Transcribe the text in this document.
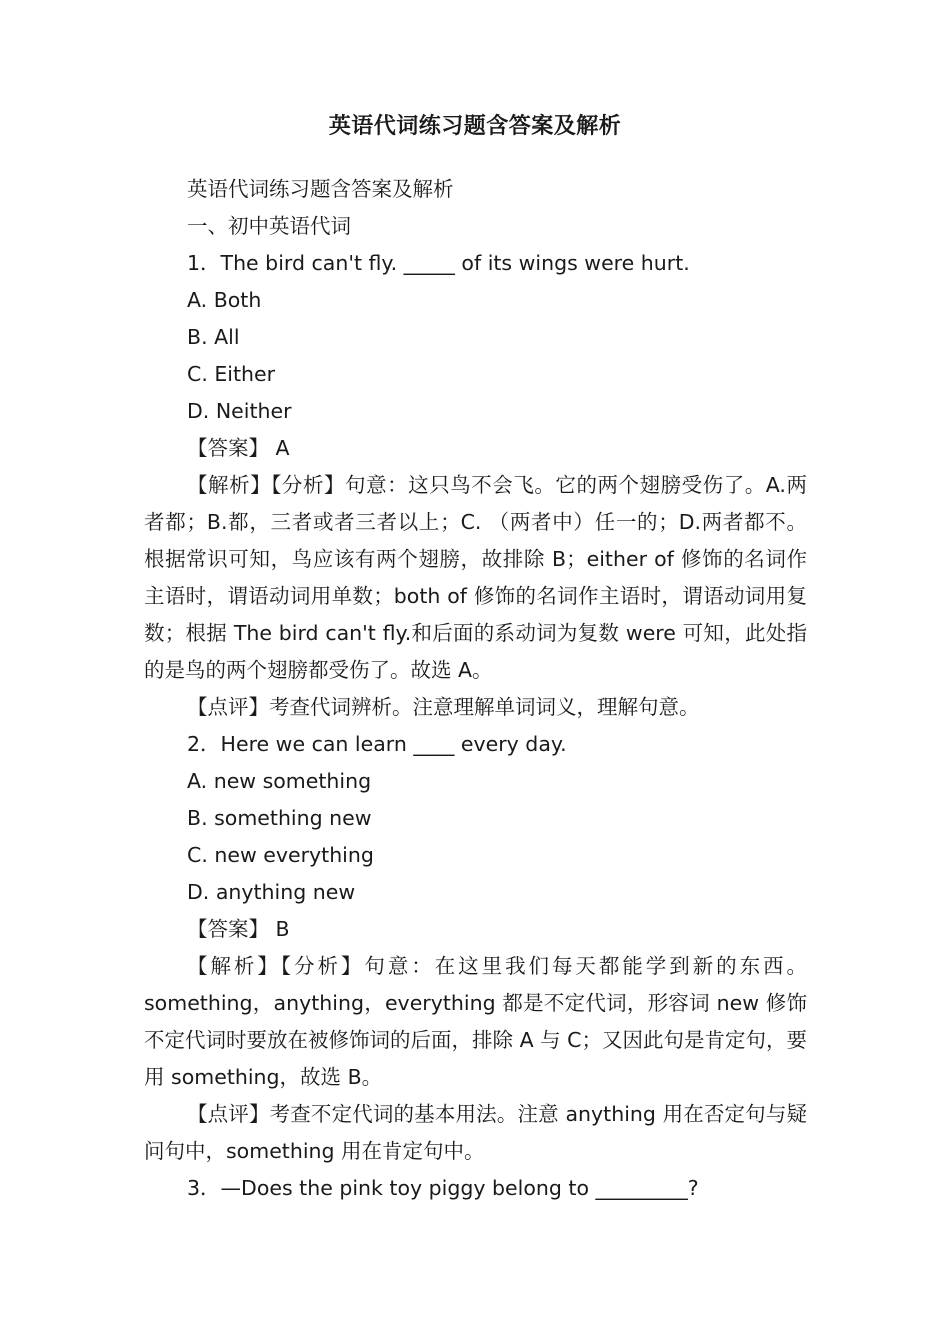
英语代词练习题含答案及解析
英语代词练习题含答案及解析
一、初中英语代词
1．The bird can't fly. _____ of its wings were hurt.
A. Both
B. All
C. Either
D. Neither
【答案】 A
【解析】【分析】句意：这只鸟不会飞。它的两个翅膀受伤了。A.两者都；B.都，三者或者三者以上；C. （两者中）任一的；D.两者都不。根据常识可知，鸟应该有两个翅膀，故排除 B；either of 修饰的名词作主语时，谓语动词用单数；both of 修饰的名词作主语时，谓语动词用复数；根据 The bird can't fly.和后面的系动词为复数 were 可知，此处指的是鸟的两个翅膀都受伤了。故选 A。
【点评】考查代词辨析。注意理解单词词义，理解句意。
2．Here we can learn ____ every day.
A. new something
B. something new
C. new everything
D. anything new
【答案】 B
【解析】【分析】句意：在这里我们每天都能学到新的东西。something，anything，everything 都是不定代词，形容词 new 修饰不定代词时要放在被修饰词的后面，排除 A 与 C；又因此句是肯定句，要用 something，故选 B。
【点评】考查不定代词的基本用法。注意 anything 用在否定句与疑问句中，something 用在肯定句中。
3．—Does the pink toy piggy belong to _________?
